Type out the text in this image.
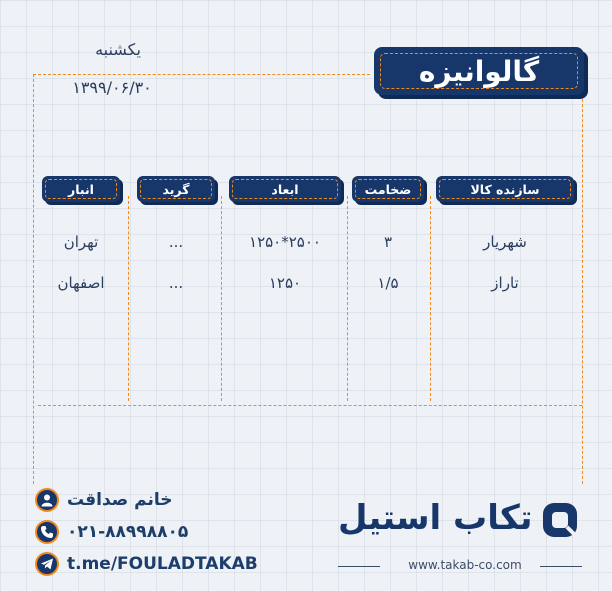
یکشنبه
۱۳۹۹/۰۶/۳۰	گالوانیزه
سازنده کالا
ضخامت
ابعاد
گرید
انبار
شهریار
۳
۱۲۵۰*۲۵۰۰
...
تهران
تاراز
۱/۵
۱۲۵۰
...
اصفهان
خانم صداقت
۰۲۱-۸۸۹۹۸۸۰۵
t.me/FOULADTAKAB
تکاب استیل
www.takab-co.com
